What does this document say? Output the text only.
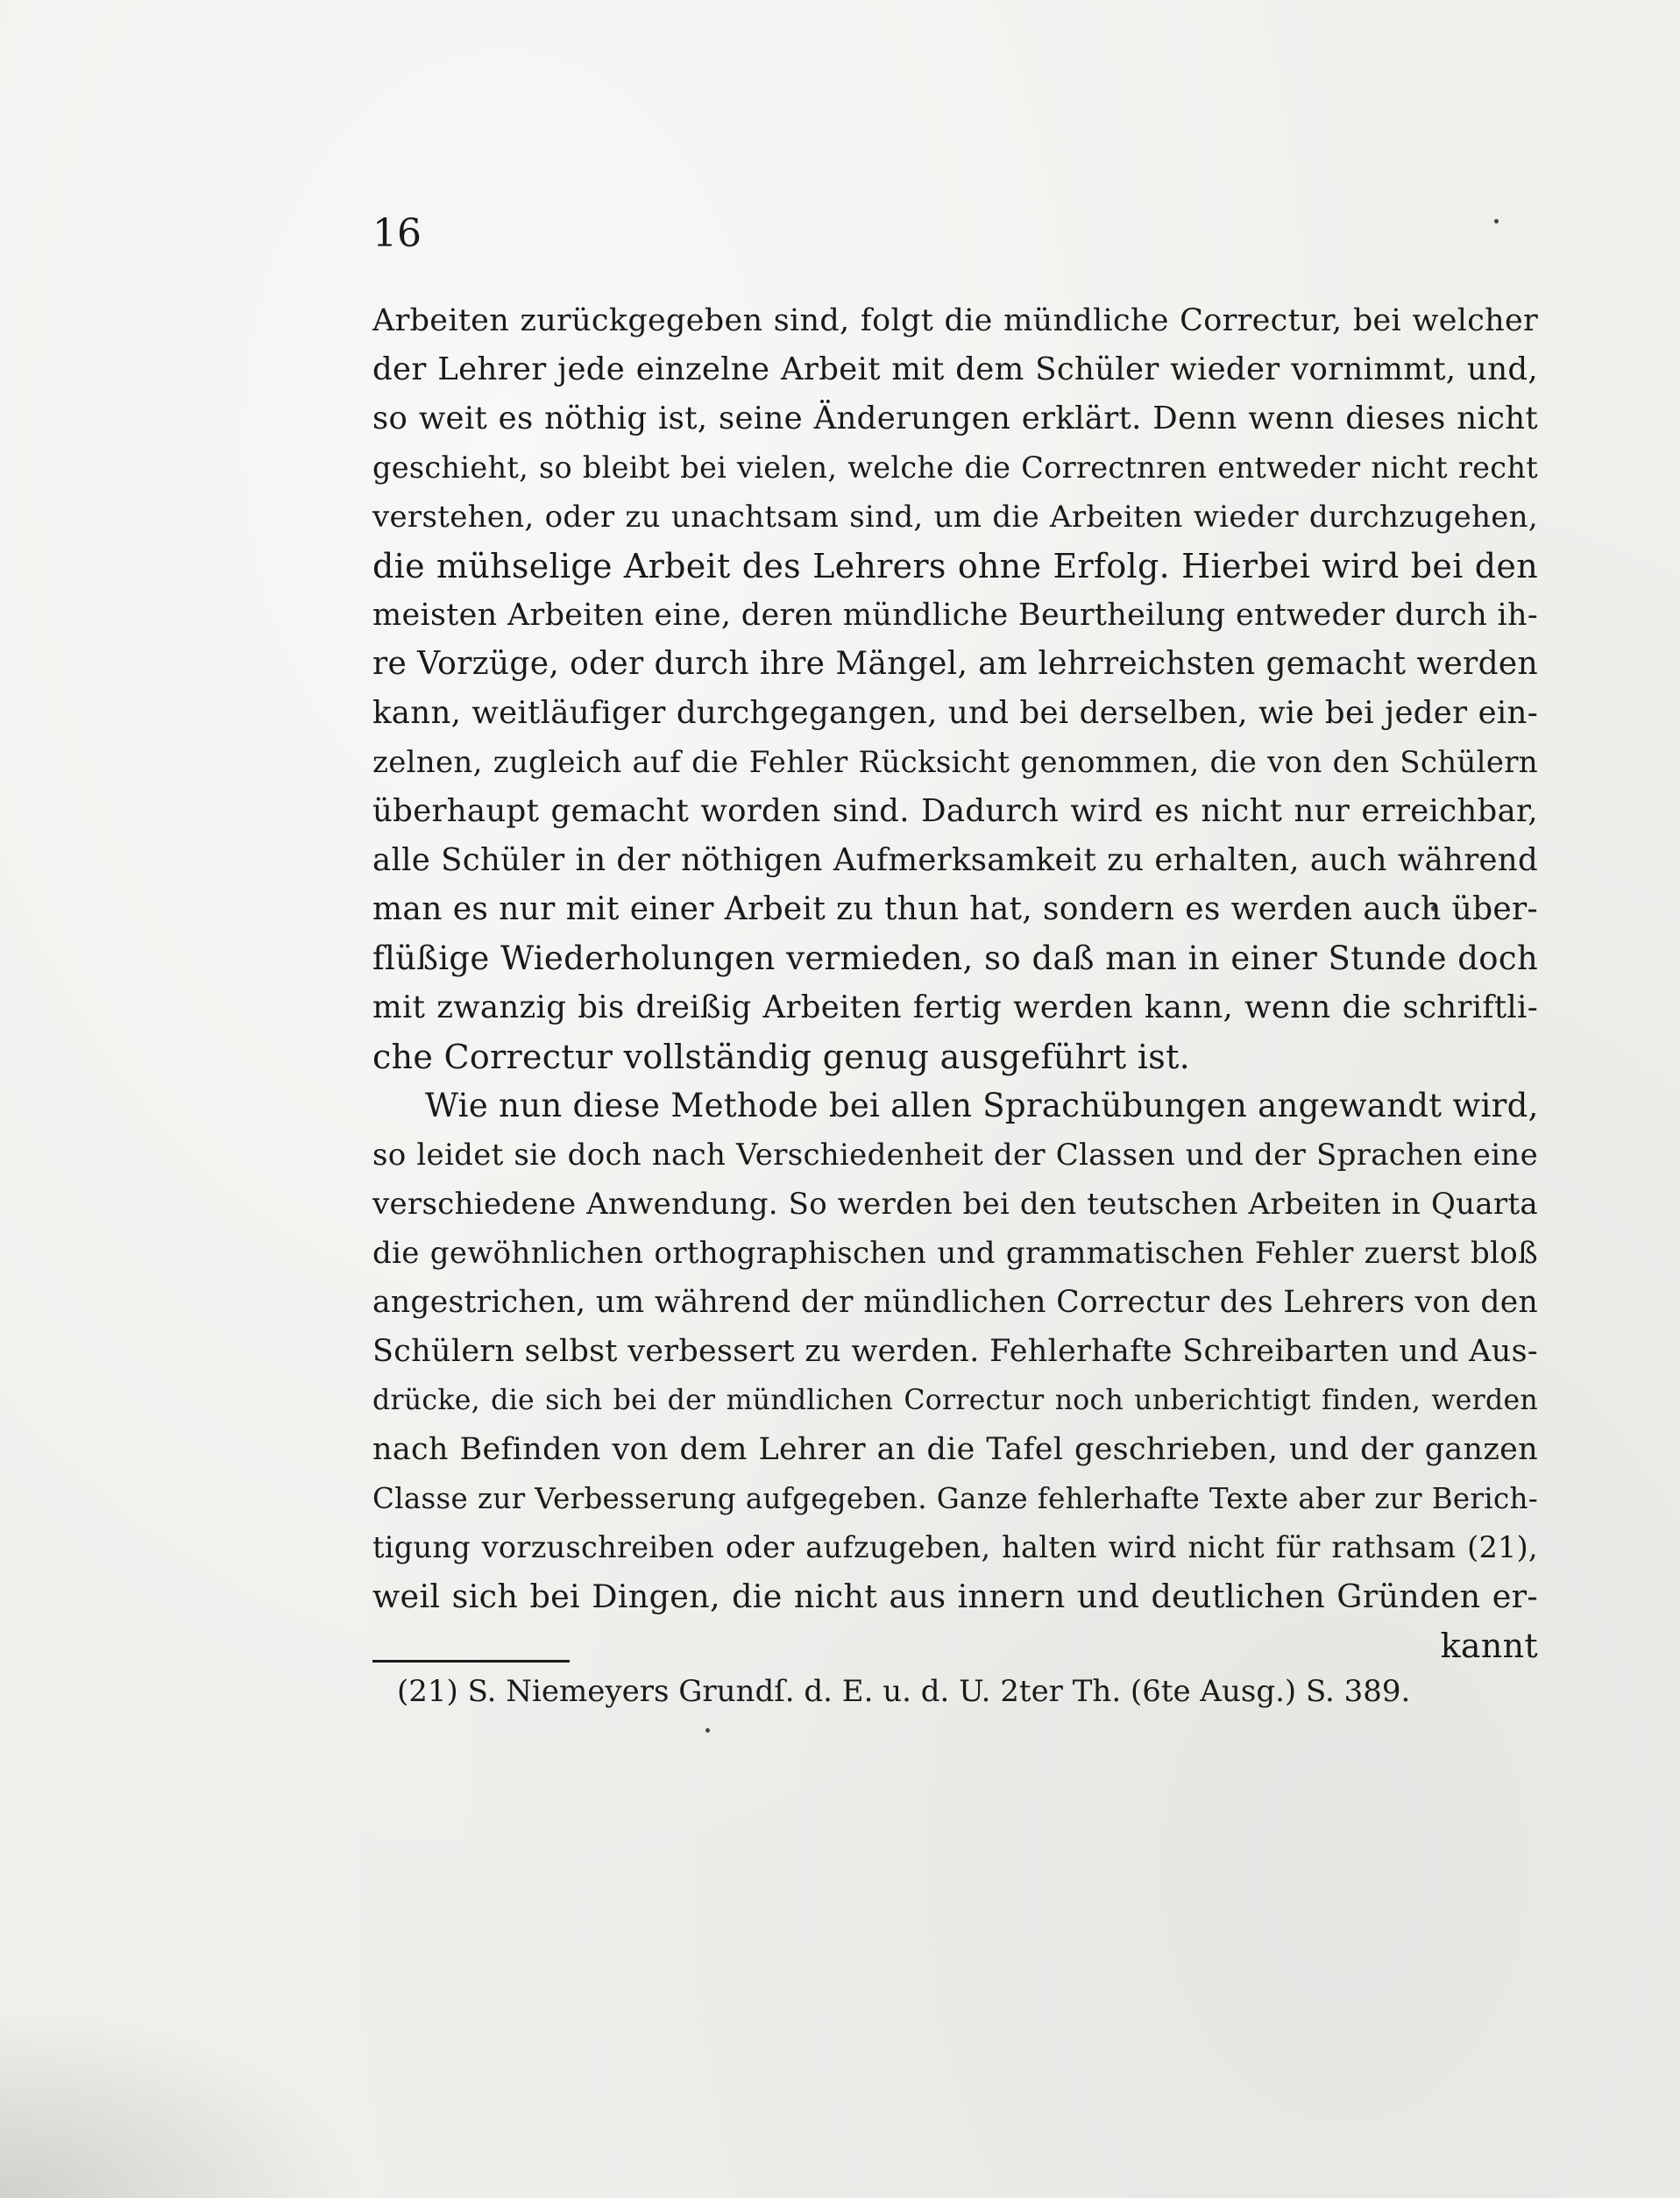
16
Arbeiten zurückgegeben sind, folgt die mündliche Correctur, bei welcher
der Lehrer jede einzelne Arbeit mit dem Schüler wieder vornimmt, und,
so weit es nöthig ist, seine Änderungen erklärt. Denn wenn dieses nicht
geschieht, so bleibt bei vielen, welche die Correctnren entweder nicht recht
verstehen, oder zu unachtsam sind, um die Arbeiten wieder durchzugehen,
die mühselige Arbeit des Lehrers ohne Erfolg. Hierbei wird bei den
meisten Arbeiten eine, deren mündliche Beurtheilung entweder durch ih-
re Vorzüge, oder durch ihre Mängel, am lehrreichsten gemacht werden
kann, weitläufiger durchgegangen, und bei derselben, wie bei jeder ein-
zelnen, zugleich auf die Fehler Rücksicht genommen, die von den Schülern
überhaupt gemacht worden sind. Dadurch wird es nicht nur erreichbar,
alle Schüler in der nöthigen Aufmerksamkeit zu erhalten, auch während
man es nur mit einer Arbeit zu thun hat, sondern es werden auch über-
flüßige Wiederholungen vermieden, so daß man in einer Stunde doch
mit zwanzig bis dreißig Arbeiten fertig werden kann, wenn die schriftli-
che Correctur vollständig genug ausgeführt ist.
Wie nun diese Methode bei allen Sprachübungen angewandt wird,
so leidet sie doch nach Verschiedenheit der Classen und der Sprachen eine
verschiedene Anwendung. So werden bei den teutschen Arbeiten in Quarta
die gewöhnlichen orthographischen und grammatischen Fehler zuerst bloß
angestrichen, um während der mündlichen Correctur des Lehrers von den
Schülern selbst verbessert zu werden. Fehlerhafte Schreibarten und Aus-
drücke, die sich bei der mündlichen Correctur noch unberichtigt finden, werden
nach Befinden von dem Lehrer an die Tafel geschrieben, und der ganzen
Classe zur Verbesserung aufgegeben. Ganze fehlerhafte Texte aber zur Berich-
tigung vorzuschreiben oder aufzugeben, halten wird nicht für rathsam (21),
weil sich bei Dingen, die nicht aus innern und deutlichen Gründen er-
kannt
(21) S. Niemeyers Grundſ. d. E. u. d. U. 2ter Th. (6te Ausg.) S. 389.
